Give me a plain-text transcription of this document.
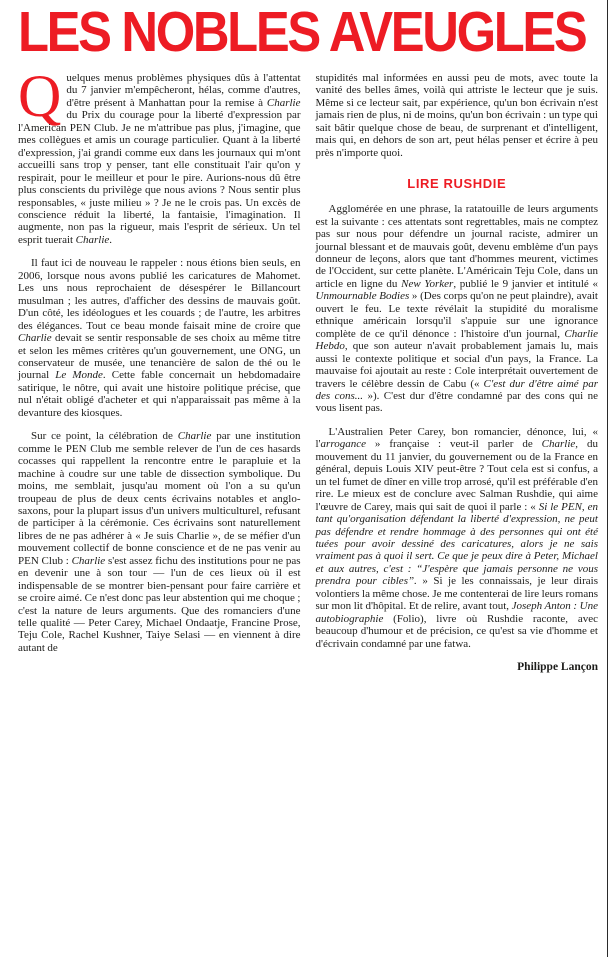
LES NOBLES AVEUGLES

Quelques menus problèmes physiques dûs à l'attentat du 7 janvier m'empêcheront, hélas, comme d'autres, d'être présent à Manhattan pour la remise à Charlie du Prix du courage pour la liberté d'expression par l'American PEN Club. Je ne m'attribue pas plus, j'imagine, que mes collègues et amis un courage particulier. Quant à la liberté d'expression, j'ai grandi comme eux dans les journaux qui m'ont accueilli sans trop y penser, tant elle constituait l'air qu'on y respirait, pour le meilleur et pour le pire. Aurions-nous dû être plus conscients du privilège que nous avions ? Nous sentir plus responsables, « juste milieu » ? Je ne le crois pas. Un excès de conscience réduit la liberté, la fantaisie, l'imagination. Il augmente, non pas la rigueur, mais l'esprit de sérieux. Un tel esprit tuerait Charlie.

Il faut ici de nouveau le rappeler : nous étions bien seuls, en 2006, lorsque nous avons publié les caricatures de Mahomet. Les uns nous reprochaient de désespérer le Billancourt musulman ; les autres, d'afficher des dessins de mauvais goût. D'un côté, les idéologues et les couards ; de l'autre, les arbitres des élégances. Tout ce beau monde faisait mine de croire que Charlie devait se sentir responsable de ses choix au même titre et selon les mêmes critères qu'un gouvernement, une ONG, un conservateur de musée, une tenancière de salon de thé ou le journal Le Monde. Cette fable concernait un hebdomadaire satirique, le nôtre, qui avait une histoire politique précise, que nul n'était obligé d'acheter et qui n'apparaissait pas même à la devanture des kiosques.

Sur ce point, la célébration de Charlie par une institution comme le PEN Club me semble relever de l'un de ces hasards cocasses qui rappellent la rencontre entre le parapluie et la machine à coudre sur une table de dissection symbolique. Du moins, me semblait, jusqu'au moment où l'on a su qu'un troupeau de plus de deux cents écrivains notables et anglo-saxons, pour la plupart issus d'un univers multiculturel, refusant de participer à la cérémonie. Ces écrivains sont naturellement libres de ne pas adhérer à « Je suis Charlie », de se méfier d'un mouvement collectif de bonne conscience et de ne pas venir au PEN Club : Charlie s'est assez fichu des institutions pour ne pas en devenir une à son tour — l'un de ces lieux où il est indispensable de se montrer bien-pensant pour faire carrière et se croire aimé. Ce n'est donc pas leur abstention qui me choque ; c'est la nature de leurs arguments. Que des romanciers d'une telle qualité — Peter Carey, Michael Ondaatje, Francine Prose, Teju Cole, Rachel Kushner, Taiye Selasi — en viennent à dire autant de

stupidités mal informées en aussi peu de mots, avec toute la vanité des belles âmes, voilà qui attriste le lecteur que je suis. Même si ce lecteur sait, par expérience, qu'un bon écrivain n'est jamais rien de plus, ni de moins, qu'un bon écrivain : un type qui sait bâtir quelque chose de beau, de surprenant et d'intelligent, mais qui, en dehors de son art, peut hélas penser et écrire à peu près n'importe quoi.

LIRE RUSHDIE

Agglomérée en une phrase, la ratatouille de leurs arguments est la suivante : ces attentats sont regrettables, mais ne comptez pas sur nous pour défendre un journal raciste, admirer un journal blessant et de mauvais goût, devenu emblème d'un pays donneur de leçons, alors que tant d'hommes meurent, victimes de l'Occident, sur cette planète. L'Américain Teju Cole, dans un article en ligne du New Yorker, publié le 9 janvier et intitulé « Unmournable Bodies » (Des corps qu'on ne peut plaindre), avait ouvert le feu. Le texte révélait la stupidité du moralisme ethnique américain lorsqu'il s'appuie sur une ignorance complète de ce qu'il dénonce : l'histoire d'un journal, Charlie Hebdo, que son auteur n'avait probablement jamais lu, mais aussi le contexte politique et social d'un pays, la France. La mauvaise foi ajoutait au reste : Cole interprétait ouvertement de travers le célèbre dessin de Cabu (« C'est dur d'être aimé par des cons... »). C'est dur d'être condamné par des cons qui ne vous lisent pas.

L'Australien Peter Carey, bon romancier, dénonce, lui, « l'arrogance » française : veut-il parler de Charlie, du mouvement du 11 janvier, du gouvernement ou de la France en général, depuis Louis XIV peut-être ? Tout cela est si confus, a un tel fumet de dîner en ville trop arrosé, qu'il est préférable d'en rire. Le mieux est de conclure avec Salman Rushdie, qui aime l'œuvre de Carey, mais qui sait de quoi il parle : « Si le PEN, en tant qu'organisation défendant la liberté d'expression, ne peut pas défendre et rendre hommage à des personnes qui ont été tuées pour avoir dessiné des caricatures, alors je ne sais vraiment pas à quoi il sert. Ce que je peux dire à Peter, Michael et aux autres, c'est : “J'espère que jamais personne ne vous prendra pour cibles”. » Si je les connaissais, je leur dirais volontiers la même chose. Je me contenterai de lire leurs romans sur mon lit d'hôpital. Et de relire, avant tout, Joseph Anton : Une autobiographie (Folio), livre où Rushdie raconte, avec beaucoup d'humour et de précision, ce qu'est sa vie d'homme et d'écrivain condamné par une fatwa.

Philippe Lançon
